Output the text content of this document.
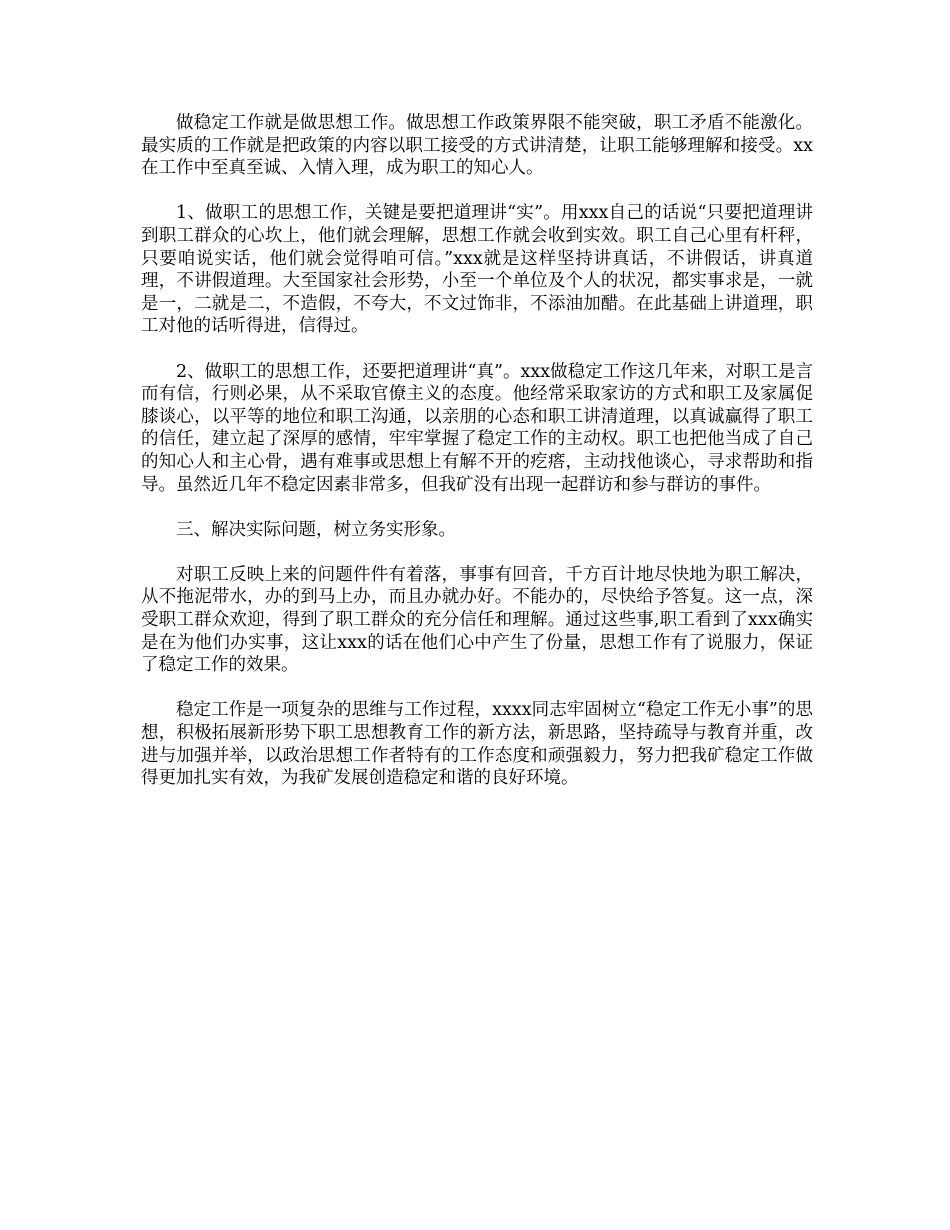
做稳定工作就是做思想工作。做思想工作政策界限不能突破，职工矛盾不能激化。最实质的工作就是把政策的内容以职工接受的方式讲清楚，让职工能够理解和接受。xx在工作中至真至诚、入情入理，成为职工的知心人。

1、做职工的思想工作，关键是要把道理讲“实”。用xxx自己的话说“只要把道理讲到职工群众的心坎上，他们就会理解，思想工作就会收到实效。职工自己心里有杆秤，只要咱说实话，他们就会觉得咱可信。”xxx就是这样坚持讲真话，不讲假话，讲真道理，不讲假道理。大至国家社会形势，小至一个单位及个人的状况，都实事求是，一就是一，二就是二，不造假，不夸大，不文过饰非，不添油加醋。在此基础上讲道理，职工对他的话听得进，信得过。

2、做职工的思想工作，还要把道理讲“真”。xxx做稳定工作这几年来，对职工是言而有信，行则必果，从不采取官僚主义的态度。他经常采取家访的方式和职工及家属促膝谈心，以平等的地位和职工沟通，以亲朋的心态和职工讲清道理，以真诚赢得了职工的信任，建立起了深厚的感情，牢牢掌握了稳定工作的主动权。职工也把他当成了自己的知心人和主心骨，遇有难事或思想上有解不开的疙瘩，主动找他谈心，寻求帮助和指导。虽然近几年不稳定因素非常多，但我矿没有出现一起群访和参与群访的事件。

三、解决实际问题，树立务实形象。

对职工反映上来的问题件件有着落，事事有回音，千方百计地尽快地为职工解决，从不拖泥带水，办的到马上办，而且办就办好。不能办的，尽快给予答复。这一点，深受职工群众欢迎，得到了职工群众的充分信任和理解。通过这些事,职工看到了xxx确实是在为他们办实事，这让xxx的话在他们心中产生了份量，思想工作有了说服力，保证了稳定工作的效果。

稳定工作是一项复杂的思维与工作过程，xxxx同志牢固树立“稳定工作无小事”的思想，积极拓展新形势下职工思想教育工作的新方法，新思路，坚持疏导与教育并重，改进与加强并举，以政治思想工作者特有的工作态度和顽强毅力，努力把我矿稳定工作做得更加扎实有效，为我矿发展创造稳定和谐的良好环境。
